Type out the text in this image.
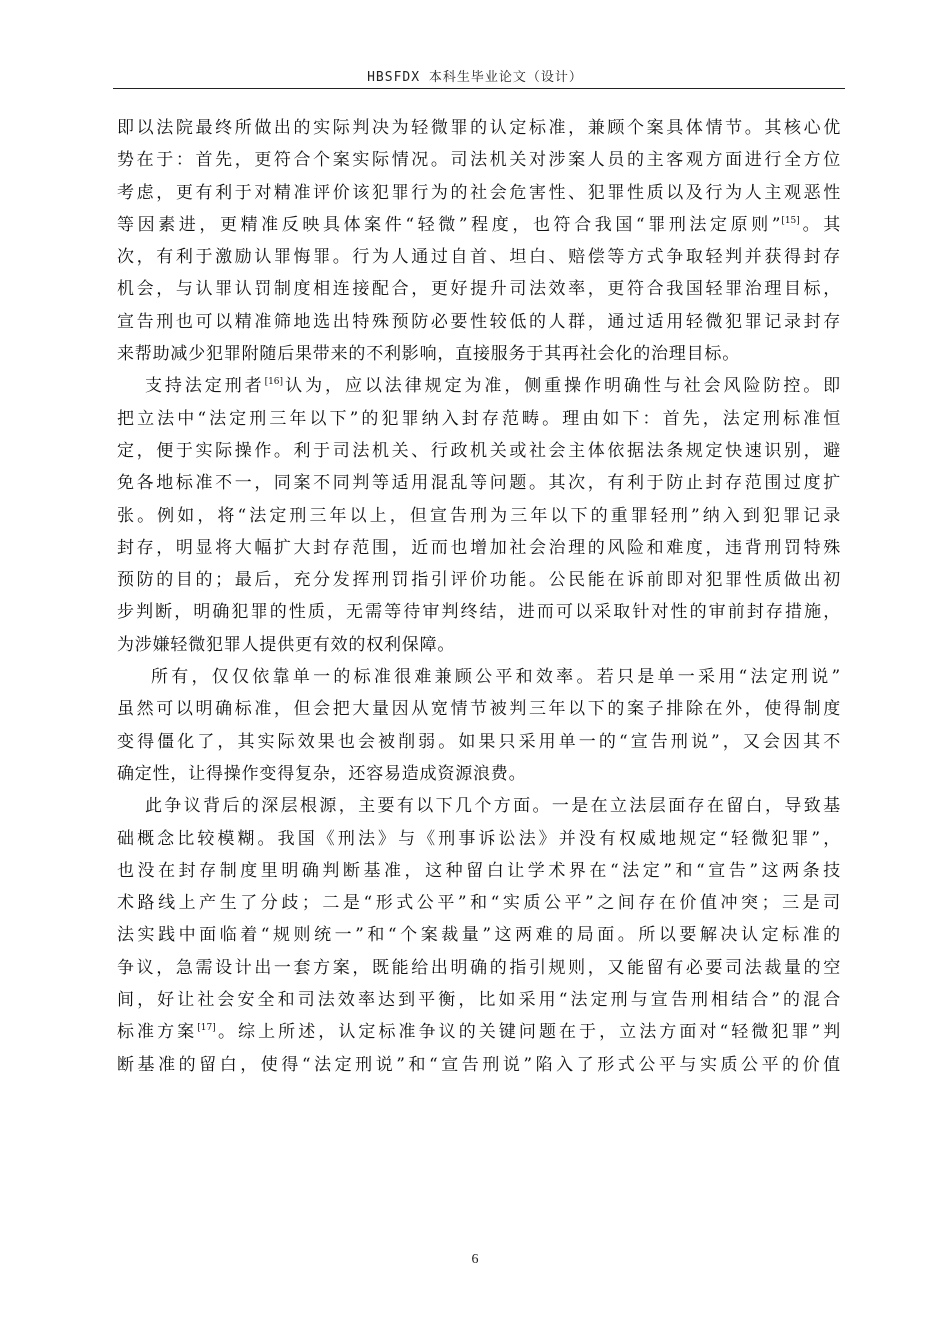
HBSFDX 本科生毕业论文（设计）
即以法院最终所做出的实际判决为轻微罪的认定标准，兼顾个案具体情节。其核心优
势在于：首先，更符合个案实际情况。司法机关对涉案人员的主客观方面进行全方位
考虑，更有利于对精准评价该犯罪行为的社会危害性、犯罪性质以及行为人主观恶性
等因素进，更精准反映具体案件“轻微”程度，也符合我国“罪刑法定原则”[15]。其
次，有利于激励认罪悔罪。行为人通过自首、坦白、赔偿等方式争取轻判并获得封存
机会，与认罪认罚制度相连接配合，更好提升司法效率，更符合我国轻罪治理目标，
宣告刑也可以精准筛地选出特殊预防必要性较低的人群，通过适用轻微犯罪记录封存
来帮助减少犯罪附随后果带来的不利影响，直接服务于其再社会化的治理目标。
支持法定刑者[16]认为，应以法律规定为准，侧重操作明确性与社会风险防控。即
把立法中“法定刑三年以下”的犯罪纳入封存范畴。理由如下：首先，法定刑标准恒
定，便于实际操作。利于司法机关、行政机关或社会主体依据法条规定快速识别，避
免各地标准不一，同案不同判等适用混乱等问题。其次，有利于防止封存范围过度扩
张。例如，将“法定刑三年以上，但宣告刑为三年以下的重罪轻刑”纳入到犯罪记录
封存，明显将大幅扩大封存范围，近而也增加社会治理的风险和难度，违背刑罚特殊
预防的目的；最后，充分发挥刑罚指引评价功能。公民能在诉前即对犯罪性质做出初
步判断，明确犯罪的性质，无需等待审判终结，进而可以采取针对性的审前封存措施，
为涉嫌轻微犯罪人提供更有效的权利保障。
所有，仅仅依靠单一的标准很难兼顾公平和效率。若只是单一采用“法定刑说”
虽然可以明确标准，但会把大量因从宽情节被判三年以下的案子排除在外，使得制度
变得僵化了，其实际效果也会被削弱。如果只采用单一的“宣告刑说”，又会因其不
确定性，让得操作变得复杂，还容易造成资源浪费。
此争议背后的深层根源，主要有以下几个方面。一是在立法层面存在留白，导致基
础概念比较模糊。我国《刑法》与《刑事诉讼法》并没有权威地规定“轻微犯罪”，
也没在封存制度里明确判断基准，这种留白让学术界在“法定”和“宣告”这两条技
术路线上产生了分歧；二是“形式公平”和“实质公平”之间存在价值冲突；三是司
法实践中面临着“规则统一”和“个案裁量”这两难的局面。所以要解决认定标准的
争议，急需设计出一套方案，既能给出明确的指引规则，又能留有必要司法裁量的空
间，好让社会安全和司法效率达到平衡，比如采用“法定刑与宣告刑相结合”的混合
标准方案[17]。综上所述，认定标准争议的关键问题在于，立法方面对“轻微犯罪”判
断基准的留白，使得“法定刑说”和“宣告刑说”陷入了形式公平与实质公平的价值
6
